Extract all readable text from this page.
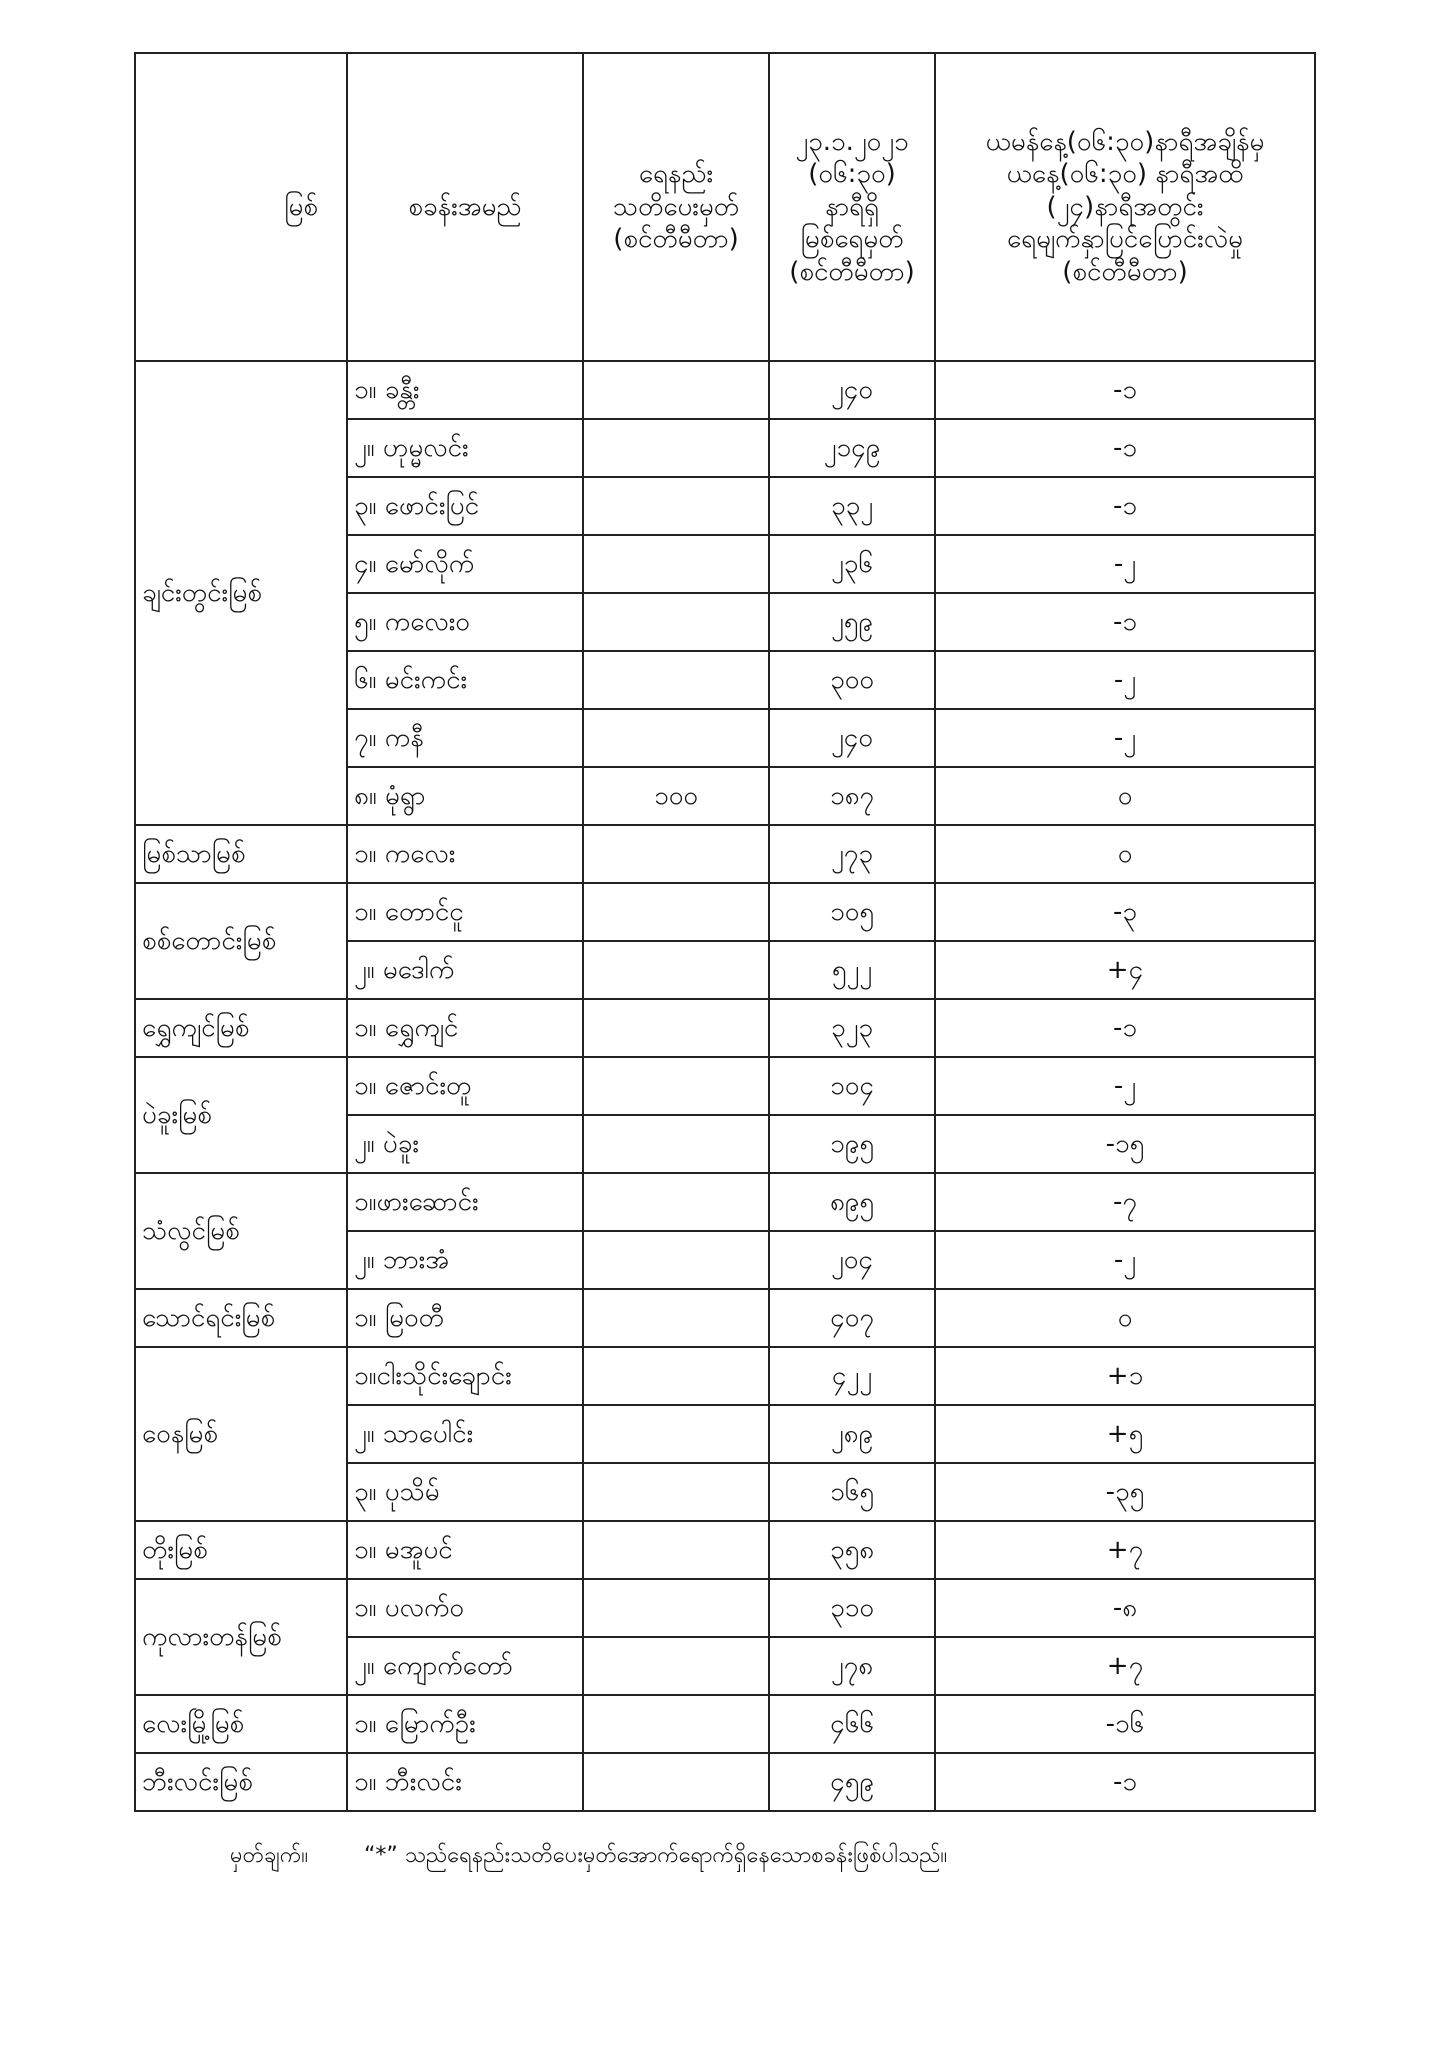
မြစ်	စခန်းအမည်	ရေနည်း
သတိပေးမှတ်
(စင်တီမီတာ)	၂၃.၁.၂၀၂၁
(၀၆:၃၀)
နာရီရှိ
မြစ်ရေမှတ်
(စင်တီမီတာ)	ယမန်နေ့(၀၆:၃၀)နာရီအချိန်မှ
ယနေ့(၀၆:၃၀) နာရီအထိ
(၂၄)နာရီအတွင်း
ရေမျက်နှာပြင်ပြောင်းလဲမှု
(စင်တီမီတာ)
ချင်းတွင်းမြစ်	၁။ ခန္တီး		၂၄၀	-၁
	၂။ ဟုမ္မလင်း		၂၁၄၉	-၁
	၃။ ဖောင်းပြင်		၃၃၂	-၁
	၄။ မော်လိုက်		၂၃၆	-၂
	၅။ ကလေးဝ		၂၅၉	-၁
	၆။ မင်းကင်း		၃၀၀	-၂
	၇။ ကနီ		၂၄၀	-၂
	၈။ မုံရွာ	၁၀၀	၁၈၇	၀
မြစ်သာမြစ်	၁။ ကလေး		၂၇၃	၀
စစ်တောင်းမြစ်	၁။ တောင်ငူ		၁၀၅	-၃
	၂။ မဒေါက်		၅၂၂	+၄
ရွှေကျင်မြစ်	၁။ ရွှေကျင်		၃၂၃	-၁
ပဲခူးမြစ်	၁။ ဇောင်းတူ		၁၀၄	-၂
	၂။ ပဲခူး		၁၉၅	-၁၅
သံလွင်မြစ်	၁။ဖားဆောင်း		၈၉၅	-၇
	၂။ ဘားအံ		၂၀၄	-၂
သောင်ရင်းမြစ်	၁။ မြဝတီ		၄၀၇	၀
ဝေနမြစ်	၁။ငါးသိုင်းချောင်း		၄၂၂	+၁
	၂။ သာပေါင်း		၂၈၉	+၅
	၃။ ပုသိမ်		၁၆၅	-၃၅
တိုးမြစ်	၁။ မအူပင်		၃၅၈	+၇
ကုလားတန်မြစ်	၁။ ပလက်ဝ		၃၁၀	-၈
	၂။ ကျောက်တော်		၂၇၈	+၇
လေးမြို့မြစ်	၁။ မြောက်ဦး		၄၆၆	-၁၆
ဘီးလင်းမြစ်	၁။ ဘီးလင်း		၄၅၉	-၁
မှတ်ချက်။	“*” သည်ရေနည်းသတိပေးမှတ်အောက်ရောက်ရှိနေသောစခန်းဖြစ်ပါသည်။
